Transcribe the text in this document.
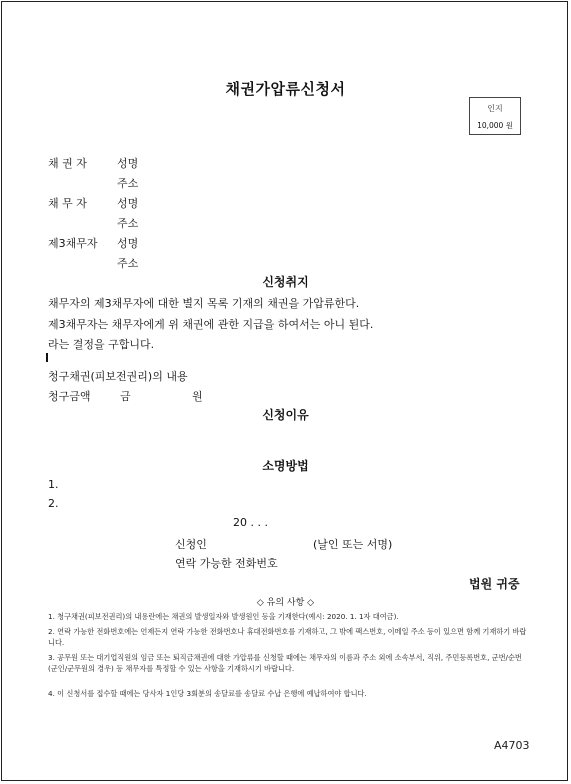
채권가압류신청서
인지
10,000 원
채 권 자	성명
주소
채 무 자	성명
주소
제3채무자 성명
주소
신청취지
채무자의 제3채무자에 대한 별지 목록 기재의 채권을 가압류한다.
제3채무자는 채무자에게 위 채권에 관한 지급을 하여서는 아니 된다.
라는 결정을 구합니다.
청구채권(피보전권리)의 내용
청구금액	금	원
신청이유
소명방법
1.
2.
20 . . .
신청인	(날인 또는 서명)
연락 가능한 전화번호
법원 귀중
◇ 유의 사항 ◇
1. 청구채권(피보전권리)의 내용란에는 채권의 발생일자와 발생원인 등을 기재한다(예시: 2020. 1. 1자 대여금).
2. 연락 가능한 전화번호에는 언제든지 연락 가능한 전화번호나 휴대전화번호를 기재하고, 그 밖에 팩스번호, 이메일 주소 등이 있으면 함께 기재하기 바랍니다.
3. 공무원 또는 대기업직원의 임금 또는 퇴직금채권에 대한 가압류를 신청할 때에는 채무자의 이름과 주소 외에 소속부서, 직위, 주민등록번호, 군번/순번(군인/군무원의 경우) 등 채무자를 특정할 수 있는 사항을 기재하시기 바랍니다.
4. 이 신청서를 접수할 때에는 당사자 1인당 3회분의 송달료를 송달료 수납 은행에 예납하여야 합니다.
A4703
